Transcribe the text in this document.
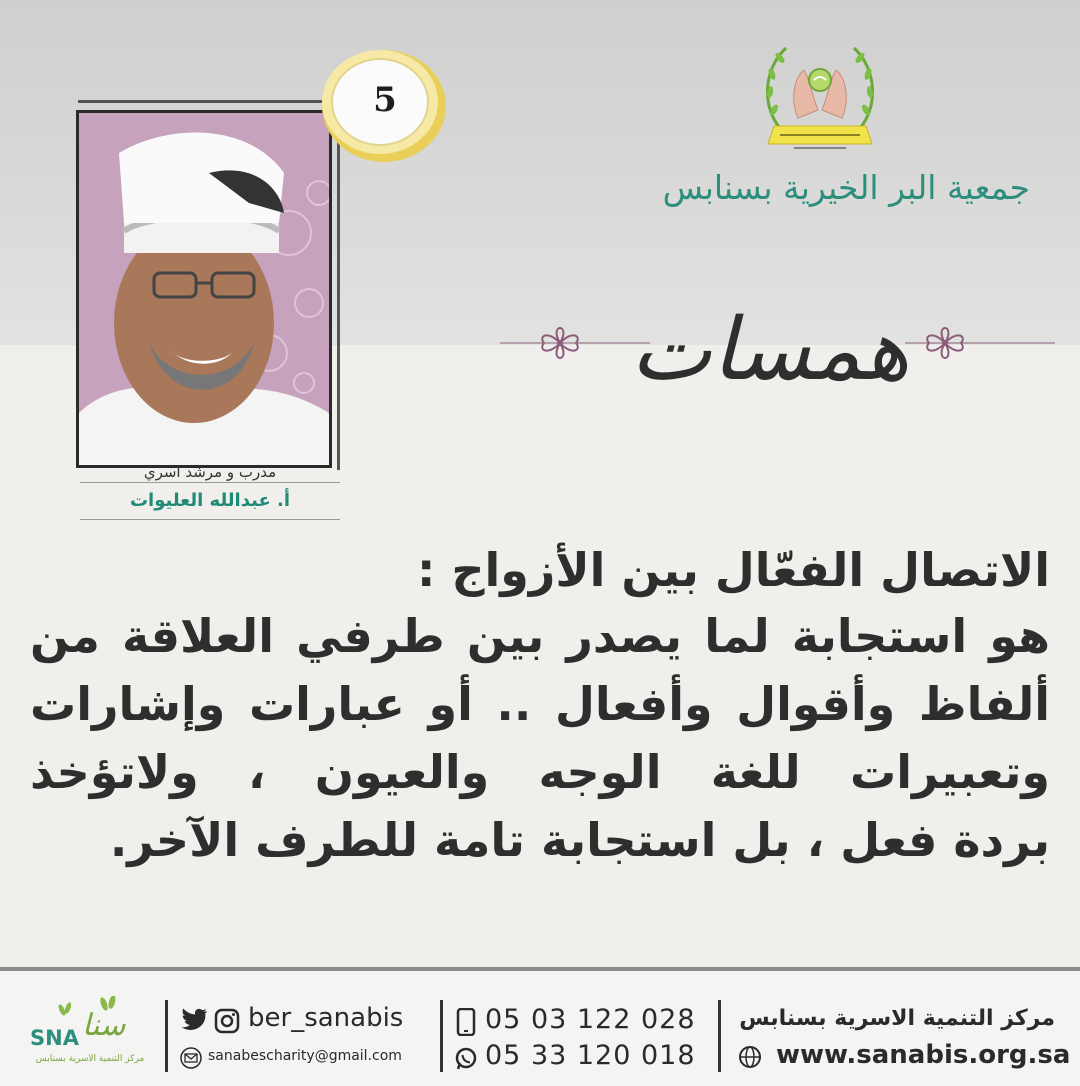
جمعية البر الخيرية بسنابس
همسات
5
مدرب و مرشد اسري
أ. عبدالله العليوات
الاتصال الفعّال بين الأزواج :
هو استجابة لما يصدر بين طرفي العلاقة من
ألفاظ وأقوال وأفعال .. أو عبارات وإشارات
وتعبيرات للغة الوجه والعيون ، ولاتؤخذ
بردة فعل ، بل استجابة تامة للطرف الآخر.
مركز التنمية الاسرية بسنابس
www.sanabis.org.sa
05 03 122 028
05 33 120 018
ber_sanabis
sanabescharity@gmail.com
SNA سنا
مركز التنمية الاسرية بسنابس
